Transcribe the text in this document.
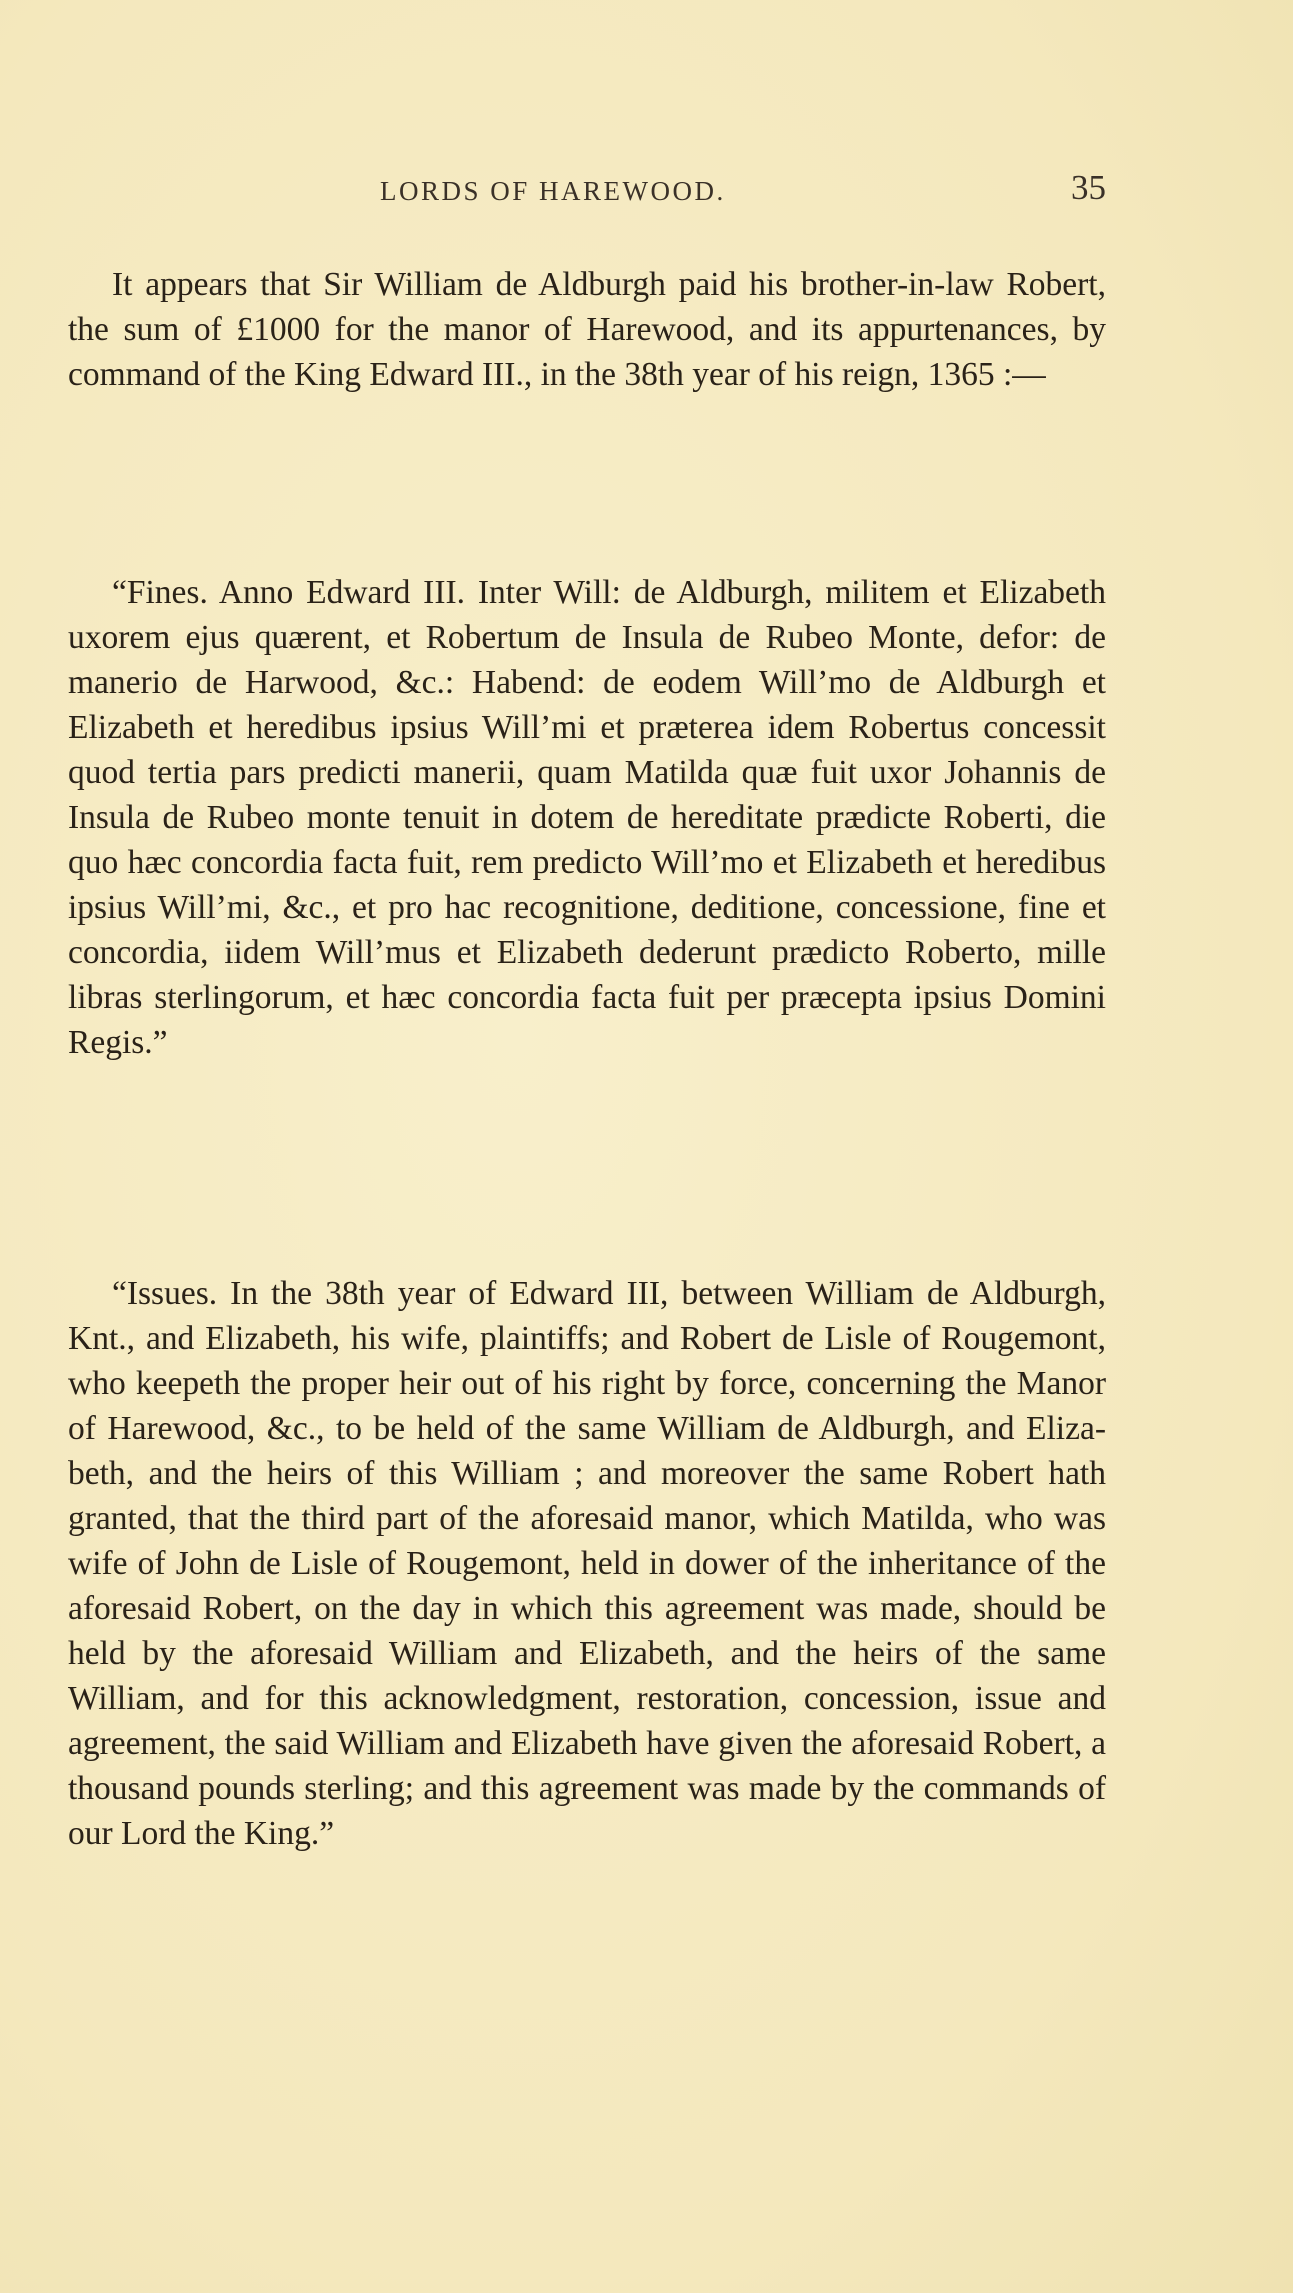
LORDS OF HAREWOOD.	35

It appears that Sir William de Aldburgh paid his brother-in-law Robert, the sum of £1000 for the manor of Harewood, and its appurtenances, by command of the King Edward III., in the 38th year of his reign, 1365 :—

“Fines. Anno Edward III. Inter Will: de Aldburgh, militem et Elizabeth uxorem ejus quærent, et Robertum de Insula de Rubeo Monte, defor: de manerio de Harwood, &c.: Habend: de eodem Will’mo de Aldburgh et Elizabeth et heredibus ipsius Will’mi et præterea idem Robertus concessit quod tertia pars predicti manerii, quam Matilda quæ fuit uxor Johannis de Insula de Rubeo monte tenuit in dotem de hereditate prædicte Roberti, die quo hæc concordia facta fuit, rem predicto Will’mo et Elizabeth et heredibus ipsius Will’mi, &c., et pro hac recognitione, deditione, concessione, fine et concordia, iidem Will’mus et Elizabeth dederunt prædicto Roberto, mille libras sterlingorum, et hæc concordia facta fuit per præcepta ipsius Domini Regis.”

“Issues. In the 38th year of Edward III, between William de Aldburgh, Knt., and Elizabeth, his wife, plaintiffs; and Robert de Lisle of Rougemont, who keepeth the proper heir out of his right by force, concerning the Manor of Harewood, &c., to be held of the same William de Aldburgh, and Eliza-beth, and the heirs of this William ; and moreover the same Robert hath granted, that the third part of the aforesaid manor, which Matilda, who was wife of John de Lisle of Rougemont, held in dower of the inheritance of the aforesaid Robert, on the day in which this agreement was made, should be held by the aforesaid William and Elizabeth, and the heirs of the same William, and for this acknowledgment, restoration, concession, issue and agreement, the said William and Elizabeth have given the aforesaid Robert, a thousand pounds sterling; and this agreement was made by the commands of our Lord the King.”
